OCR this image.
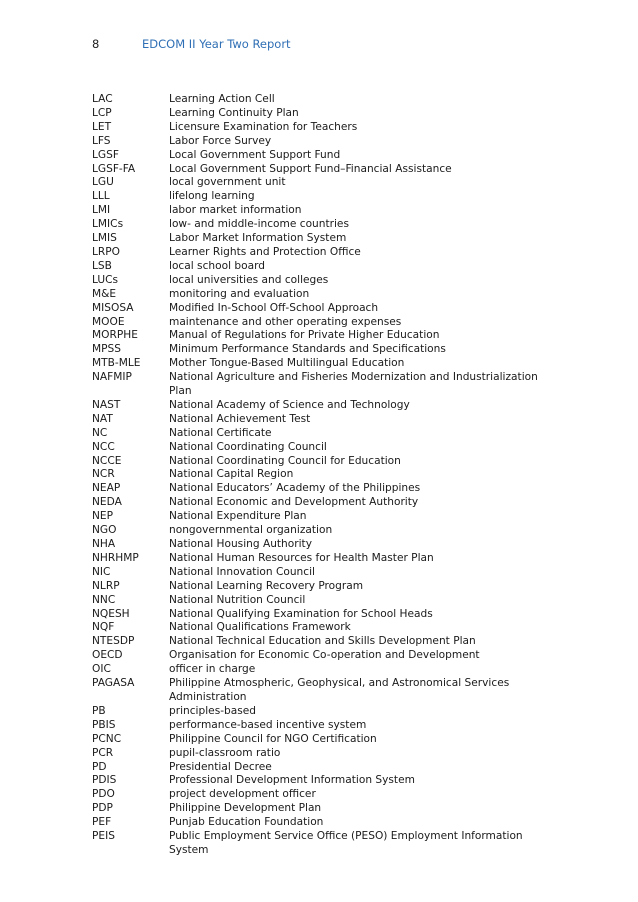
8	EDCOM II Year Two Report
LAC	Learning Action Cell
LCP	Learning Continuity Plan
LET	Licensure Examination for Teachers
LFS	Labor Force Survey
LGSF	Local Government Support Fund
LGSF-FA	Local Government Support Fund–Financial Assistance
LGU	local government unit
LLL	lifelong learning
LMI	labor market information
LMICs	low- and middle-income countries
LMIS	Labor Market Information System
LRPO	Learner Rights and Protection Office
LSB	local school board
LUCs	local universities and colleges
M&E	monitoring and evaluation
MISOSA	Modified In-School Off-School Approach
MOOE	maintenance and other operating expenses
MORPHE	Manual of Regulations for Private Higher Education
MPSS	Minimum Performance Standards and Specifications
MTB-MLE	Mother Tongue-Based Multilingual Education
NAFMIP	National Agriculture and Fisheries Modernization and Industrialization Plan
NAST	National Academy of Science and Technology
NAT	National Achievement Test
NC	National Certificate
NCC	National Coordinating Council
NCCE	National Coordinating Council for Education
NCR	National Capital Region
NEAP	National Educators’ Academy of the Philippines
NEDA	National Economic and Development Authority
NEP	National Expenditure Plan
NGO	nongovernmental organization
NHA	National Housing Authority
NHRHMP	National Human Resources for Health Master Plan
NIC	National Innovation Council
NLRP	National Learning Recovery Program
NNC	National Nutrition Council
NQESH	National Qualifying Examination for School Heads
NQF	National Qualifications Framework
NTESDP	National Technical Education and Skills Development Plan
OECD	Organisation for Economic Co-operation and Development
OIC	officer in charge
PAGASA	Philippine Atmospheric, Geophysical, and Astronomical Services Administration
PB	principles-based
PBIS	performance-based incentive system
PCNC	Philippine Council for NGO Certification
PCR	pupil-classroom ratio
PD	Presidential Decree
PDIS	Professional Development Information System
PDO	project development officer
PDP	Philippine Development Plan
PEF	Punjab Education Foundation
PEIS	Public Employment Service Office (PESO) Employment Information System
